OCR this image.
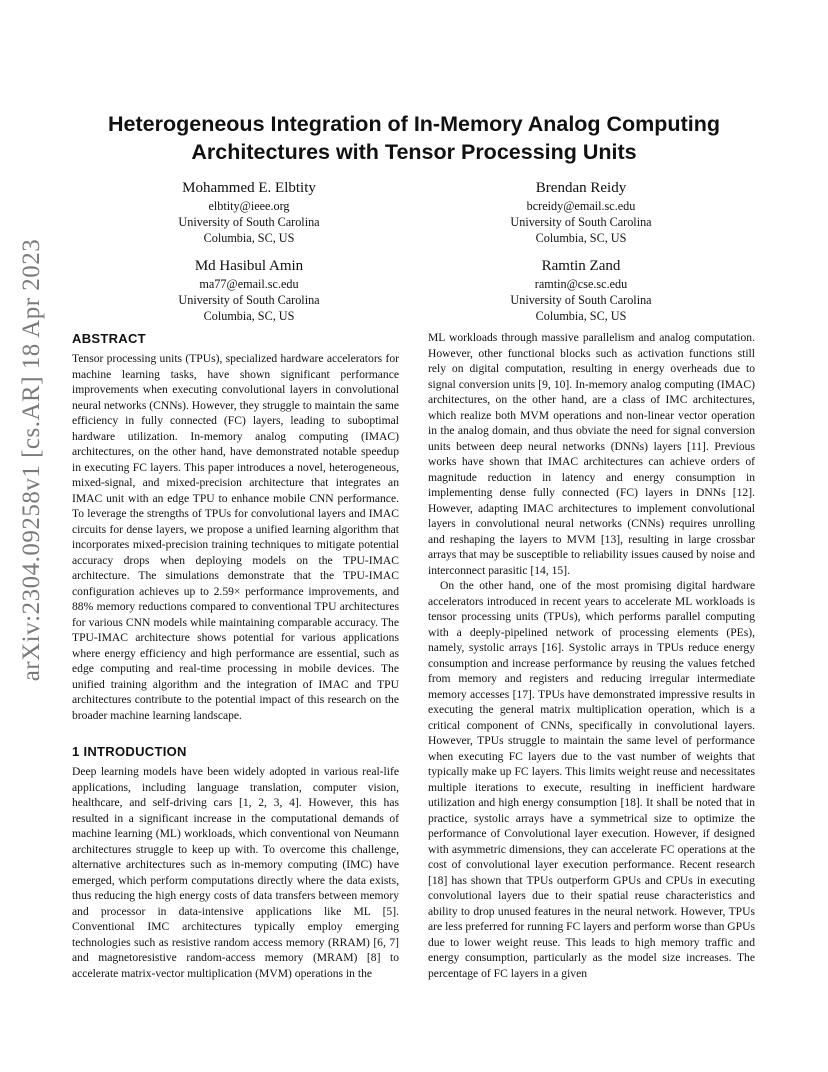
arXiv:2304.09258v1 [cs.AR] 18 Apr 2023
Heterogeneous Integration of In-Memory Analog Computing
Architectures with Tensor Processing Units
Mohammed E. Elbtity
elbtity@ieee.org
University of South Carolina
Columbia, SC, US
Brendan Reidy
bcreidy@email.sc.edu
University of South Carolina
Columbia, SC, US
Md Hasibul Amin
ma77@email.sc.edu
University of South Carolina
Columbia, SC, US
Ramtin Zand
ramtin@cse.sc.edu
University of South Carolina
Columbia, SC, US
ABSTRACT

Tensor processing units (TPUs), specialized hardware accelerators for machine learning tasks, have shown significant performance improvements when executing convolutional layers in convolutional neural networks (CNNs). However, they struggle to maintain the same efficiency in fully connected (FC) layers, leading to suboptimal hardware utilization. In-memory analog computing (IMAC) architectures, on the other hand, have demonstrated notable speedup in executing FC layers. This paper introduces a novel, heterogeneous, mixed-signal, and mixed-precision architecture that integrates an IMAC unit with an edge TPU to enhance mobile CNN performance. To leverage the strengths of TPUs for convolutional layers and IMAC circuits for dense layers, we propose a unified learning algorithm that incorporates mixed-precision training techniques to mitigate potential accuracy drops when deploying models on the TPU-IMAC architecture. The simulations demonstrate that the TPU-IMAC configuration achieves up to 2.59× performance improvements, and 88% memory reductions compared to conventional TPU architectures for various CNN models while maintaining comparable accuracy. The TPU-IMAC architecture shows potential for various applications where energy efficiency and high performance are essential, such as edge computing and real-time processing in mobile devices. The unified training algorithm and the integration of IMAC and TPU architectures contribute to the potential impact of this research on the broader machine learning landscape.

1 INTRODUCTION

Deep learning models have been widely adopted in various real-life applications, including language translation, computer vision, healthcare, and self-driving cars [1, 2, 3, 4]. However, this has resulted in a significant increase in the computational demands of machine learning (ML) workloads, which conventional von Neumann architectures struggle to keep up with. To overcome this challenge, alternative architectures such as in-memory computing (IMC) have emerged, which perform computations directly where the data exists, thus reducing the high energy costs of data transfers between memory and processor in data-intensive applications like ML [5]. Conventional IMC architectures typically employ emerging technologies such as resistive random access memory (RRAM) [6, 7] and magnetoresistive random-access memory (MRAM) [8] to accelerate matrix-vector multiplication (MVM) operations in the

ML workloads through massive parallelism and analog computation. However, other functional blocks such as activation functions still rely on digital computation, resulting in energy overheads due to signal conversion units [9, 10]. In-memory analog computing (IMAC) architectures, on the other hand, are a class of IMC architectures, which realize both MVM operations and non-linear vector operation in the analog domain, and thus obviate the need for signal conversion units between deep neural networks (DNNs) layers [11]. Previous works have shown that IMAC architectures can achieve orders of magnitude reduction in latency and energy consumption in implementing dense fully connected (FC) layers in DNNs [12]. However, adapting IMAC architectures to implement convolutional layers in convolutional neural networks (CNNs) requires unrolling and reshaping the layers to MVM [13], resulting in large crossbar arrays that may be susceptible to reliability issues caused by noise and interconnect parasitic [14, 15].

On the other hand, one of the most promising digital hardware accelerators introduced in recent years to accelerate ML workloads is tensor processing units (TPUs), which performs parallel computing with a deeply-pipelined network of processing elements (PEs), namely, systolic arrays [16]. Systolic arrays in TPUs reduce energy consumption and increase performance by reusing the values fetched from memory and registers and reducing irregular intermediate memory accesses [17]. TPUs have demonstrated impressive results in executing the general matrix multiplication operation, which is a critical component of CNNs, specifically in convolutional layers. However, TPUs struggle to maintain the same level of performance when executing FC layers due to the vast number of weights that typically make up FC layers. This limits weight reuse and necessitates multiple iterations to execute, resulting in inefficient hardware utilization and high energy consumption [18]. It shall be noted that in practice, systolic arrays have a symmetrical size to optimize the performance of Convolutional layer execution. However, if designed with asymmetric dimensions, they can accelerate FC operations at the cost of convolutional layer execution performance. Recent research [18] has shown that TPUs outperform GPUs and CPUs in executing convolutional layers due to their spatial reuse characteristics and ability to drop unused features in the neural network. However, TPUs are less preferred for running FC layers and perform worse than GPUs due to lower weight reuse. This leads to high memory traffic and energy consumption, particularly as the model size increases. The percentage of FC layers in a given
